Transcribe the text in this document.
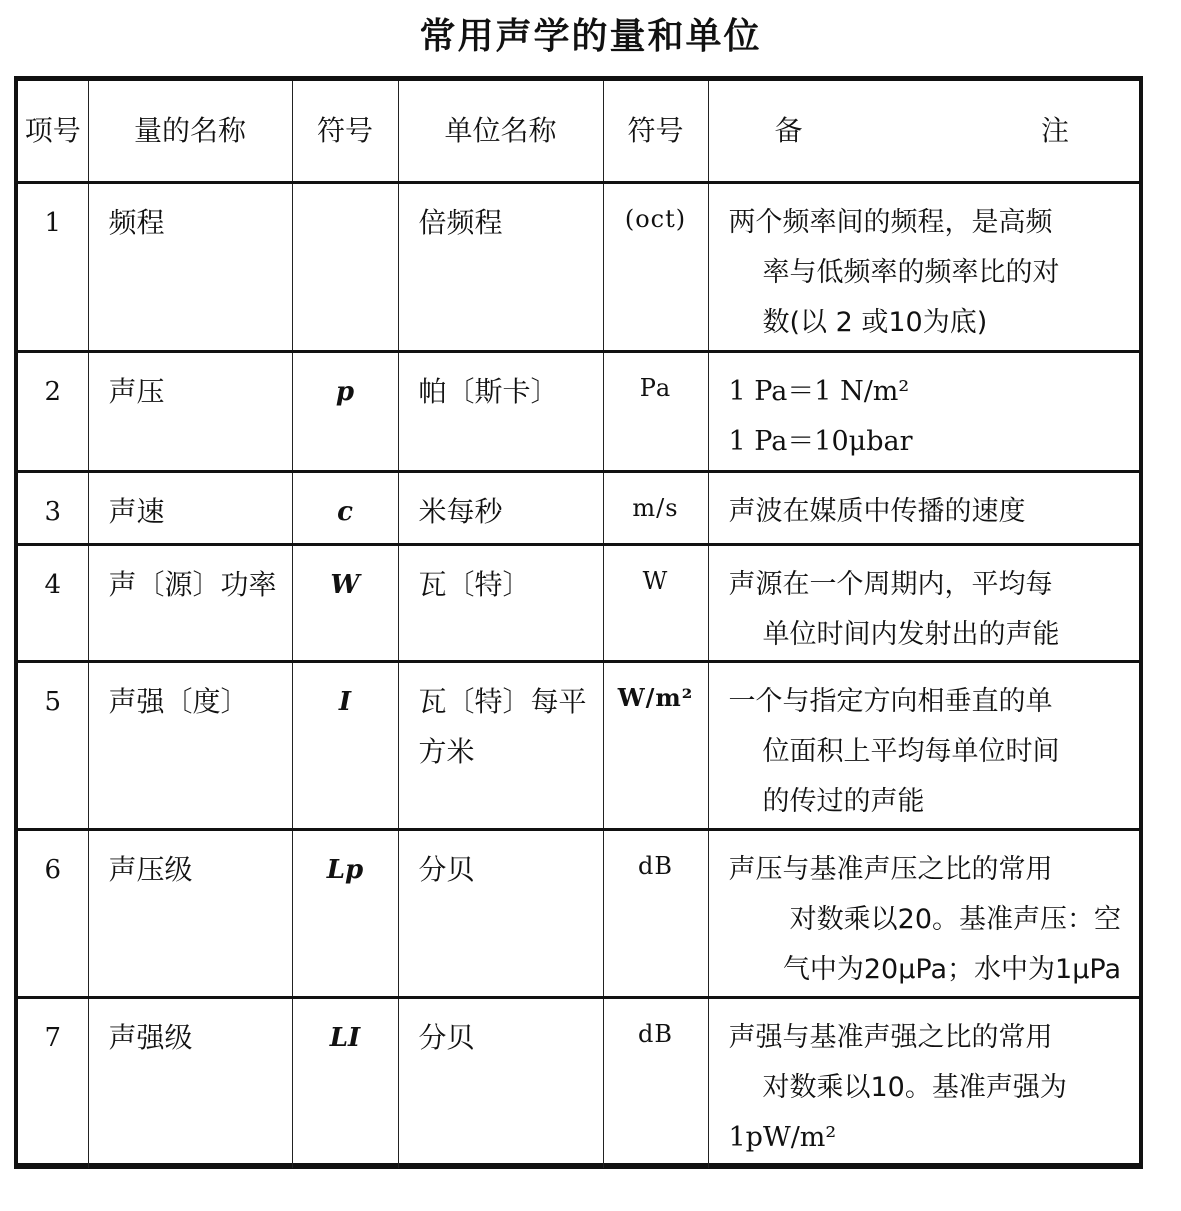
常用声学的量和单位
项号	量的名称	符号	单位名称	符号	备 注

1	频程		倍频程	(oct)	两个频率间的频程，是高频
率与低频率的频率比的对
数(以 2 或10为底)

2	声压	p	帕〔斯卡〕	Pa	1 Pa＝1 N/m²
1 Pa＝10μbar

3	声速	c	米每秒	m/s	声波在媒质中传播的速度

4	声〔源〕功率	W	瓦〔特〕	W	声源在一个周期内，平均每
单位时间内发射出的声能

5	声强〔度〕	I	瓦〔特〕每平方米	W/m²	一个与指定方向相垂直的单
位面积上平均每单位时间
的传过的声能

6	声压级	Lp	分贝	dB	声压与基准声压之比的常用
对数乘以20。基准声压：空
气中为20μPa；水中为1μPa

7	声强级	LI	分贝	dB	声强与基准声强之比的常用
对数乘以10。基准声强为
1pW/m²
